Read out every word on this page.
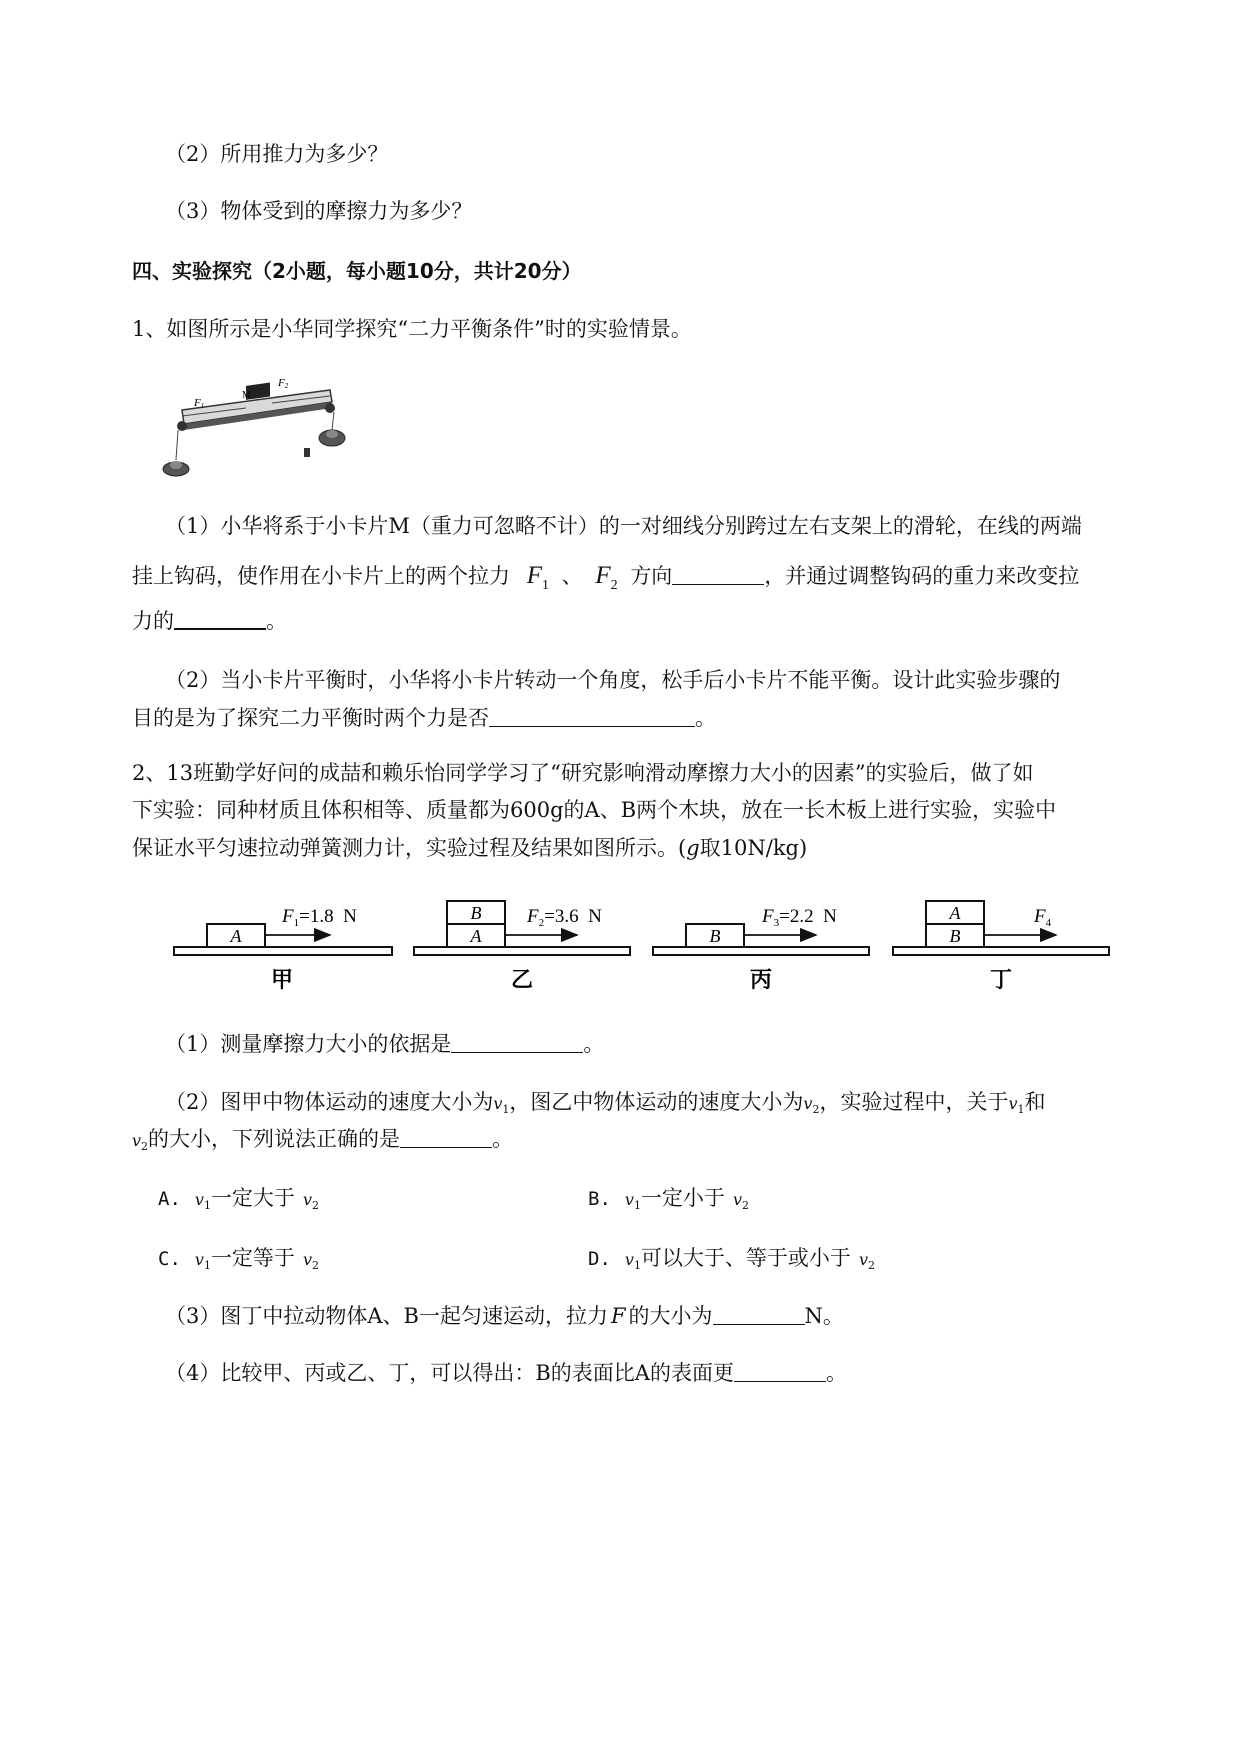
（2）所用推力为多少？
（3）物体受到的摩擦力为多少？
四、实验探究（2小题，每小题10分，共计20分）
1、如图所示是小华同学探究“二力平衡条件”时的实验情景。
F1
M
F2
（1）小华将系于小卡片M（重力可忽略不计）的一对细线分别跨过左右支架上的滑轮，在线的两端
挂上钩码，使作用在小卡片上的两个拉力 $F_1$ 、 $F_2$ 方向	，并通过调整钩码的重力来改变拉
力的	。
（2）当小卡片平衡时，小华将小卡片转动一个角度，松手后小卡片不能平衡。设计此实验步骤的
目的是为了探究二力平衡时两个力是否	。
2、13班勤学好问的成喆和赖乐怡同学学习了“研究影响滑动摩擦力大小的因素”的实验后，做了如
下实验：同种材质且体积相等、质量都为600g的A、B两个木块，放在一长木板上进行实验，实验中
保证水平匀速拉动弹簧测力计，实验过程及结果如图所示。(g取10N/kg)
A
$F_1=1.8$  N
甲
B
A
$F_2=3.6$  N
乙
B
$F_3=2.2$  N
丙
A
B
$F_4$
丁
（1）测量摩擦力大小的依据是	。
（2）图甲中物体运动的速度大小为$v_1$，图乙中物体运动的速度大小为$v_2$，实验过程中，关于$v_1$和
$v_2$的大小，下列说法正确的是	。
A. $v_1$一定大于 $v_2$	B. $v_1$一定小于 $v_2$
C. $v_1$一定等于 $v_2$	D. $v_1$可以大于、等于或小于 $v_2$
（3）图丁中拉动物体A、B一起匀速运动，拉力 F 的大小为	N。
（4）比较甲、丙或乙、丁，可以得出：B的表面比A的表面更	。
